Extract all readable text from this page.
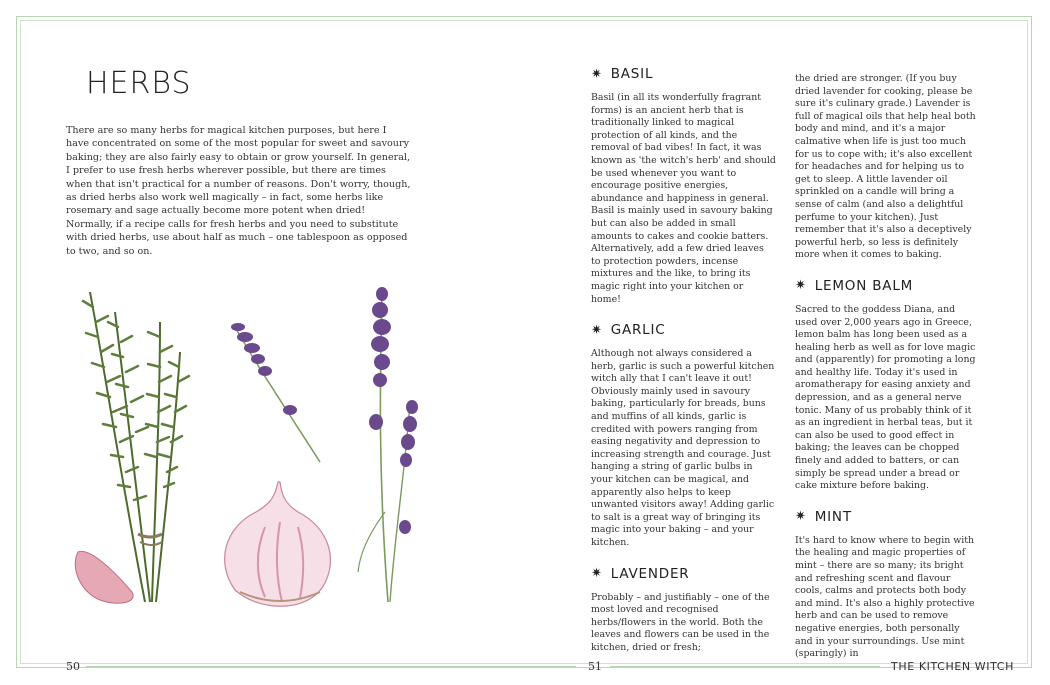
HERBS

There are so many herbs for magical kitchen purposes, but here I have concentrated on some of the most popular for sweet and savoury baking; they are also fairly easy to obtain or grow yourself. In general, I prefer to use fresh herbs wherever possible, but there are times when that isn't practical for a number of reasons. Don't worry, though, as dried herbs also work well magically – in fact, some herbs like rosemary and sage actually become more potent when dried! Normally, if a recipe calls for fresh herbs and you need to substitute with dried herbs, use about half as much – one tablespoon as opposed to two, and so on.

✷ BASIL

Basil (in all its wonderfully fragrant forms) is an ancient herb that is traditionally linked to magical protection of all kinds, and the removal of bad vibes! In fact, it was known as 'the witch's herb' and should be used whenever you want to encourage positive energies, abundance and happiness in general. Basil is mainly used in savoury baking but can also be added in small amounts to cakes and cookie batters. Alternatively, add a few dried leaves to protection powders, incense mixtures and the like, to bring its magic right into your kitchen or home!

✷ GARLIC

Although not always considered a herb, garlic is such a powerful kitchen witch ally that I can't leave it out! Obviously mainly used in savoury baking, particularly for breads, buns and muffins of all kinds, garlic is credited with powers ranging from easing negativity and depression to increasing strength and courage. Just hanging a string of garlic bulbs in your kitchen can be magical, and apparently also helps to keep unwanted visitors away! Adding garlic to salt is a great way of bringing its magic into your baking – and your kitchen.

✷ LAVENDER

Probably – and justifiably – one of the most loved and recognised herbs/flowers in the world. Both the leaves and flowers can be used in the kitchen, dried or fresh;

the dried are stronger. (If you buy dried lavender for cooking, please be sure it's culinary grade.) Lavender is full of magical oils that help heal both body and mind, and it's a major calmative when life is just too much for us to cope with; it's also excellent for headaches and for helping us to get to sleep. A little lavender oil sprinkled on a candle will bring a sense of calm (and also a delightful perfume to your kitchen). Just remember that it's also a deceptively powerful herb, so less is definitely more when it comes to baking.

✷ LEMON BALM

Sacred to the goddess Diana, and used over 2,000 years ago in Greece, lemon balm has long been used as a healing herb as well as for love magic and (apparently) for promoting a long and healthy life. Today it's used in aromatherapy for easing anxiety and depression, and as a general nerve tonic. Many of us probably think of it as an ingredient in herbal teas, but it can also be used to good effect in baking; the leaves can be chopped finely and added to batters, or can simply be spread under a bread or cake mixture before baking.

✷ MINT

It's hard to know where to begin with the healing and magic properties of mint – there are so many; its bright and refreshing scent and flavour cools, calms and protects both body and mind. It's also a highly protective herb and can be used to remove negative energies, both personally and in your surroundings. Use mint (sparingly) in

50	51	THE KITCHEN WITCH
